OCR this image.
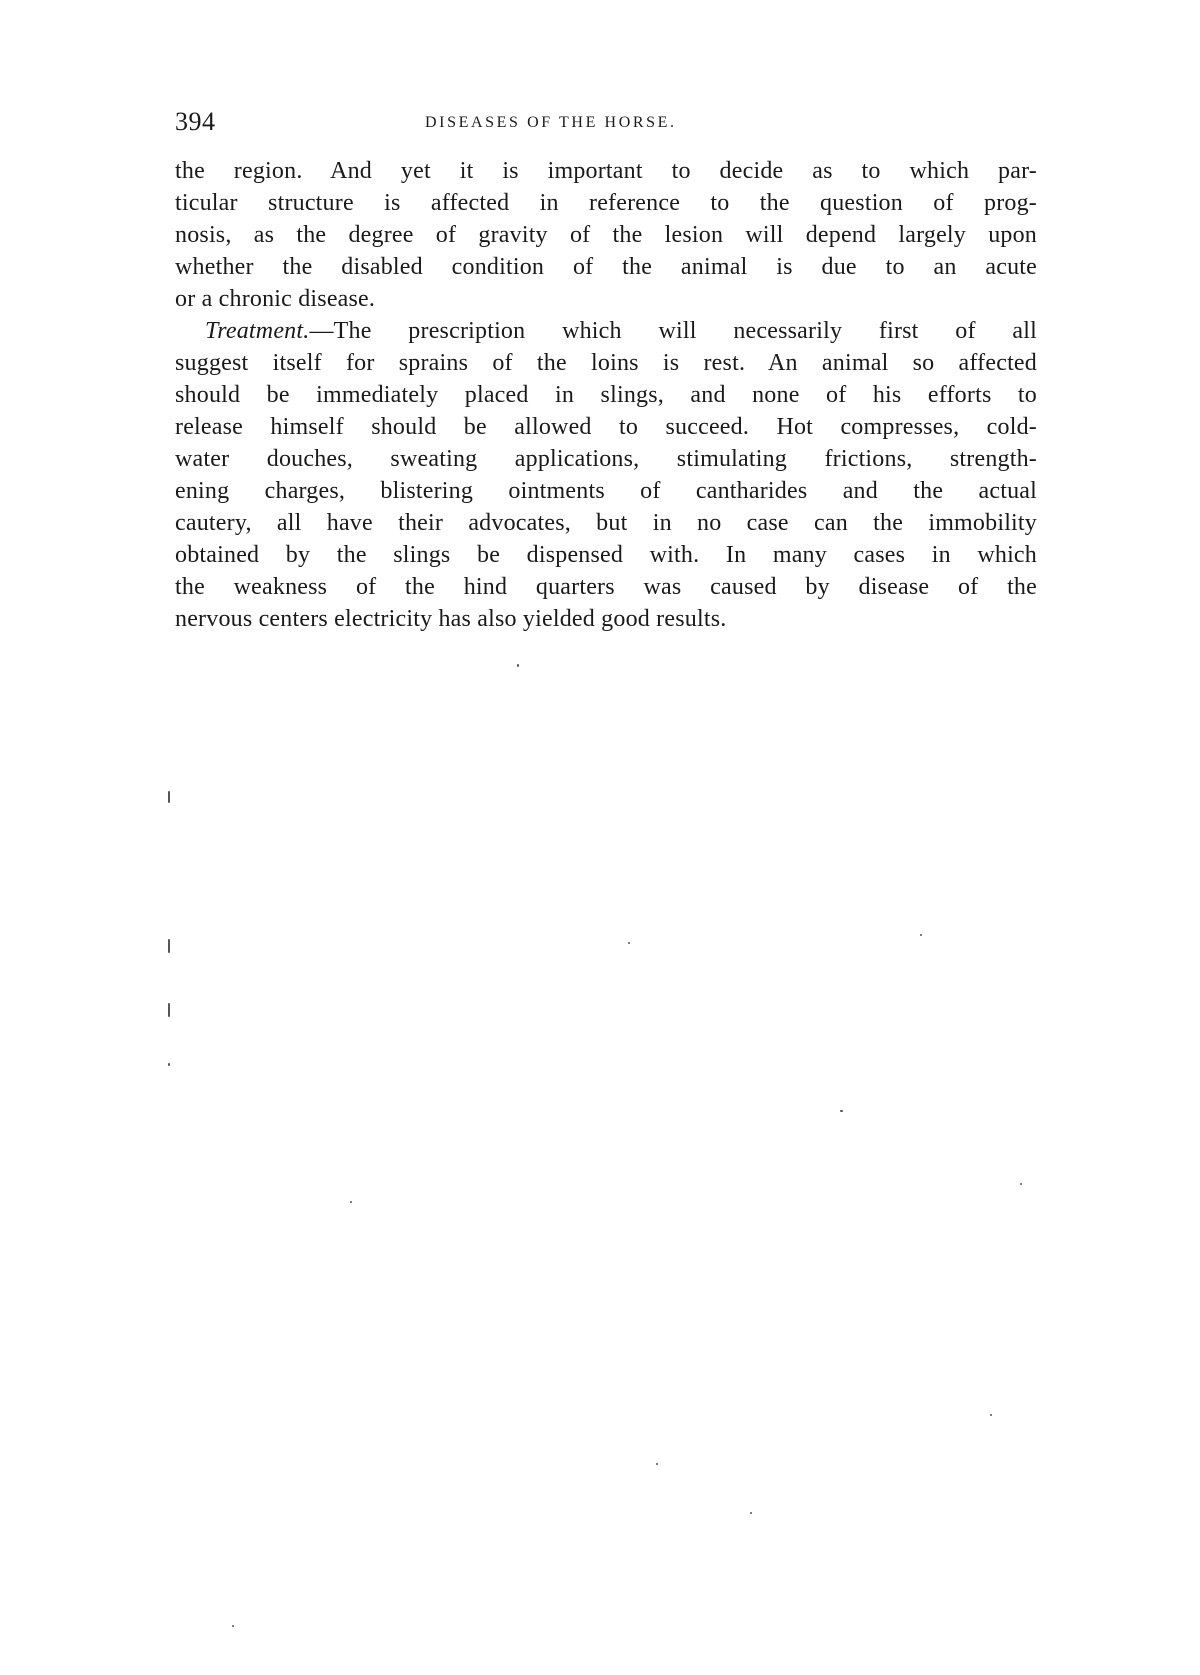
394	DISEASES OF THE HORSE.
the region. And yet it is important to decide as to which par-
ticular structure is affected in reference to the question of prog-
nosis, as the degree of gravity of the lesion will depend largely upon
whether the disabled condition of the animal is due to an acute
or a chronic disease.
Treatment.—The prescription which will necessarily first of all
suggest itself for sprains of the loins is rest. An animal so affected
should be immediately placed in slings, and none of his efforts to
release himself should be allowed to succeed. Hot compresses, cold-
water douches, sweating applications, stimulating frictions, strength-
ening charges, blistering ointments of cantharides and the actual
cautery, all have their advocates, but in no case can the immobility
obtained by the slings be dispensed with. In many cases in which
the weakness of the hind quarters was caused by disease of the
nervous centers electricity has also yielded good results.
